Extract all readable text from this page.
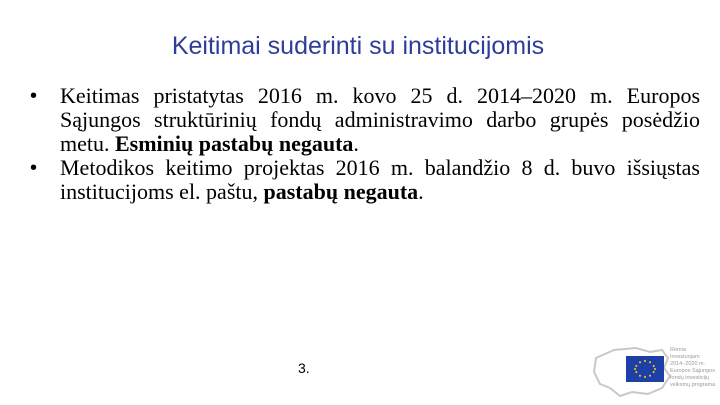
Keitimai suderinti su institucijomis
• Keitimas pristatytas 2016 m. kovo 25 d. 2014–2020 m. Europos Sąjungos struktūrinių fondų administravimo darbo grupės posėdžio metu. Esminių pastabų negauta.
• Metodikos keitimo projektas 2016 m. balandžio 8 d. buvo išsiųstas institucijoms el. paštu, pastabų negauta.
3.
Remia
Investuojam
2014–2020 m.
Europos Sąjungos
fondų investicijų
veiksmų programa
